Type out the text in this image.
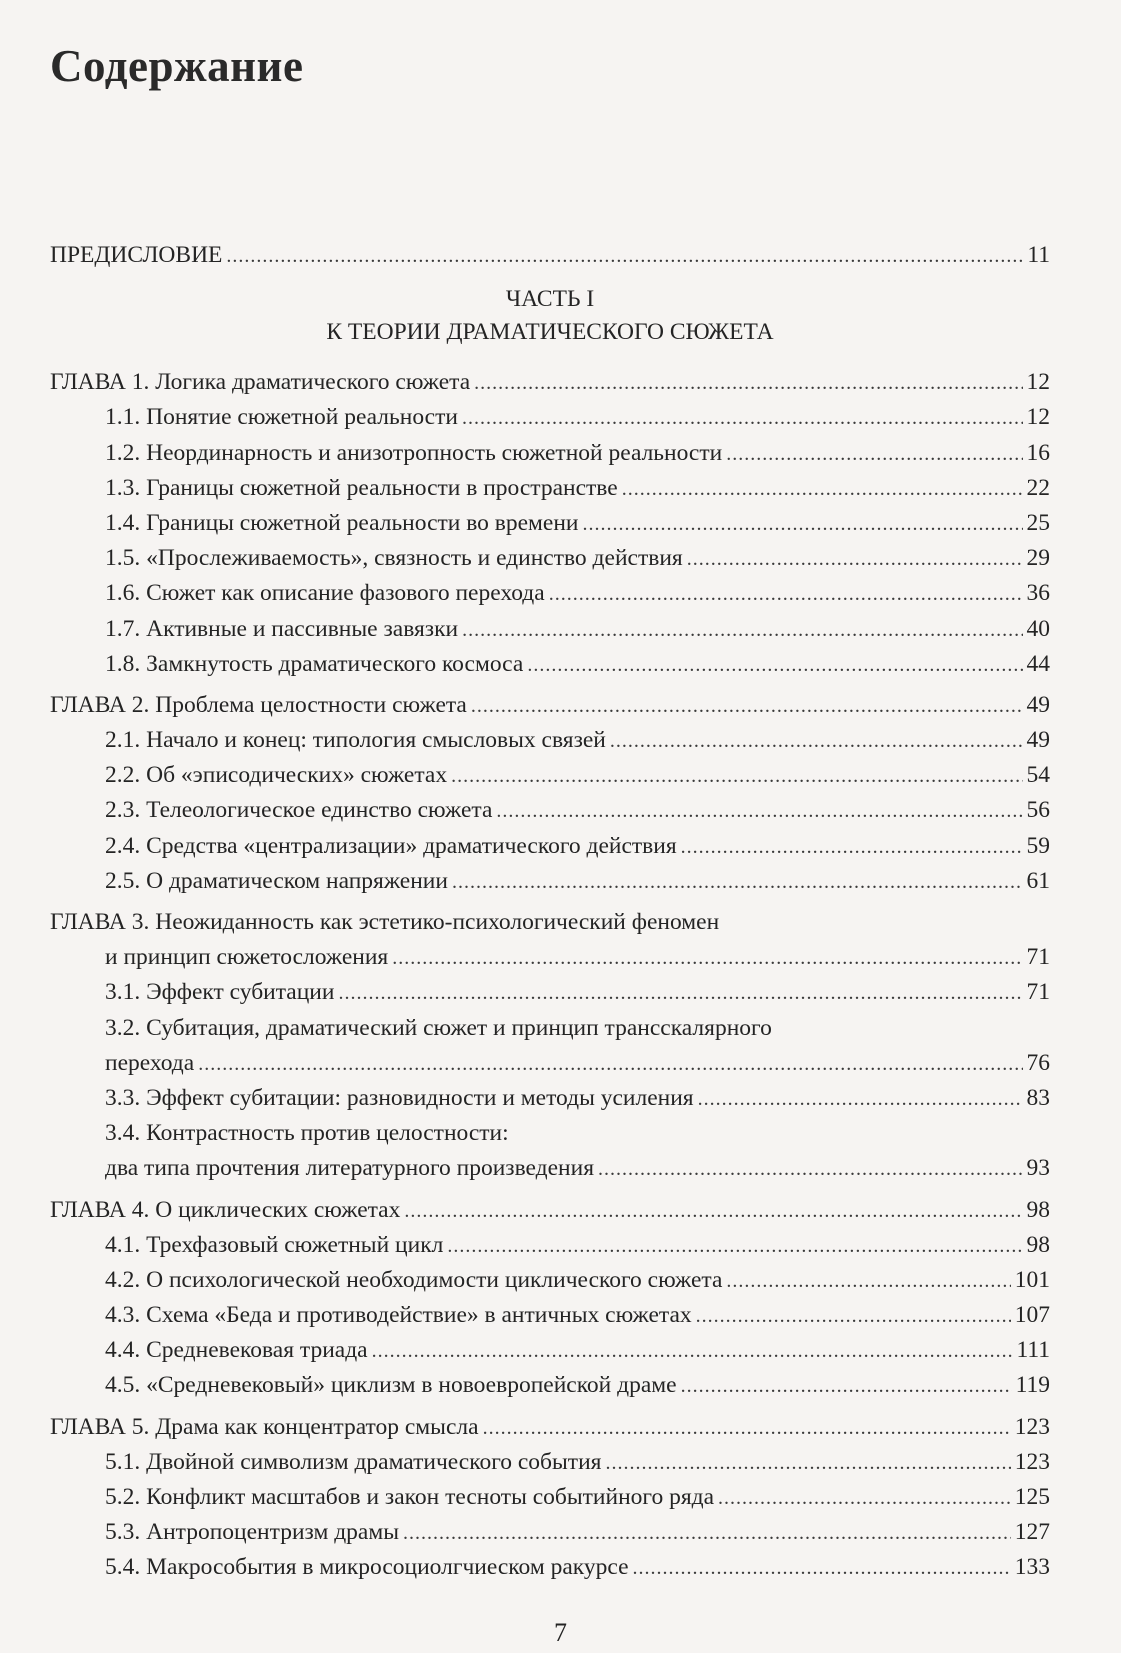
Содержание
ПРЕДИСЛОВИЕ . . .	11
ЧАСТЬ I
К ТЕОРИИ ДРАМАТИЧЕСКОГО СЮЖЕТА
ГЛАВА 1. Логика драматического сюжета . . .	12
1.1. Понятие сюжетной реальности . . .	12
1.2. Неординарность и анизотропность сюжетной реальности . . .	16
1.3. Границы сюжетной реальности в пространстве . . .	22
1.4. Границы сюжетной реальности во времени . . .	25
1.5. «Прослеживаемость», связность и единство действия . . .	29
1.6. Сюжет как описание фазового перехода . . .	36
1.7. Активные и пассивные завязки . . .	40
1.8. Замкнутость драматического космоса . . .	44
ГЛАВА 2. Проблема целостности сюжета . . .	49
2.1. Начало и конец: типология смысловых связей . . .	49
2.2. Об «эписодических» сюжетах . . .	54
2.3. Телеологическое единство сюжета . . .	56
2.4. Средства «централизации» драматического действия . . .	59
2.5. О драматическом напряжении . . .	61
ГЛАВА 3. Неожиданность как эстетико-психологический феномен
и принцип сюжетосложения . . .	71
3.1. Эффект субитации . . .	71
3.2. Субитация, драматический сюжет и принцип трансскалярного
перехода . . .	76
3.3. Эффект субитации: разновидности и методы усиления . . .	83
3.4. Контрастность против целостности:
два типа прочтения литературного произведения . . .	93
ГЛАВА 4. О циклических сюжетах . . .	98
4.1. Трехфазовый сюжетный цикл . . .	98
4.2. О психологической необходимости циклического сюжета . . .	101
4.3. Схема «Беда и противодействие» в античных сюжетах . . .	107
4.4. Средневековая триада . . .	111
4.5. «Средневековый» циклизм в новоевропейской драме . . .	119
ГЛАВА 5. Драма как концентратор смысла . . .	123
5.1. Двойной символизм драматического события . . .	123
5.2. Конфликт масштабов и закон тесноты событийного ряда . . .	125
5.3. Антропоцентризм драмы . . .	127
5.4. Макрособытия в микросоциолгчиеском ракурсе . . .	133
7
